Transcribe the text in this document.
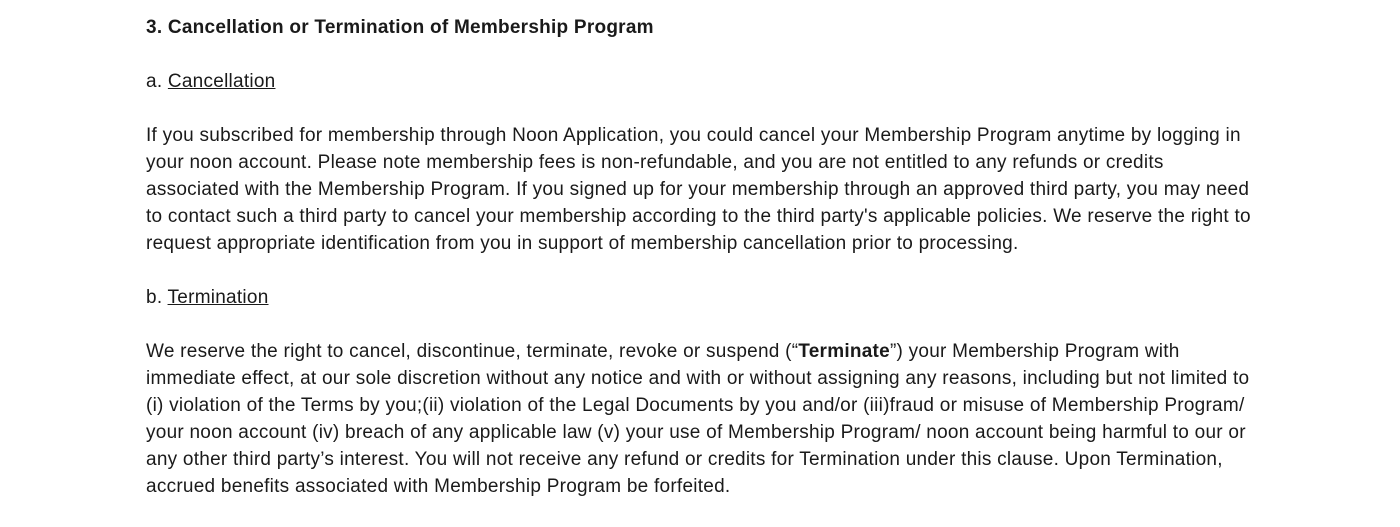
3. Cancellation or Termination of Membership Program
a. Cancellation
If you subscribed for membership through Noon Application, you could cancel your Membership Program anytime by logging in your noon account. Please note membership fees is non-refundable, and you are not entitled to any refunds or credits associated with the Membership Program. If you signed up for your membership through an approved third party, you may need to contact such a third party to cancel your membership according to the third party's applicable policies. We reserve the right to request appropriate identification from you in support of membership cancellation prior to processing.
b. Termination
We reserve the right to cancel, discontinue, terminate, revoke or suspend (“Terminate”) your Membership Program with immediate effect, at our sole discretion without any notice and with or without assigning any reasons, including but not limited to (i) violation of the Terms by you;(ii) violation of the Legal Documents by you and/or (iii)fraud or misuse of Membership Program/ your noon account (iv) breach of any applicable law (v) your use of Membership Program/ noon account being harmful to our or any other third party’s interest. You will not receive any refund or credits for Termination under this clause. Upon Termination, accrued benefits associated with Membership Program be forfeited.
